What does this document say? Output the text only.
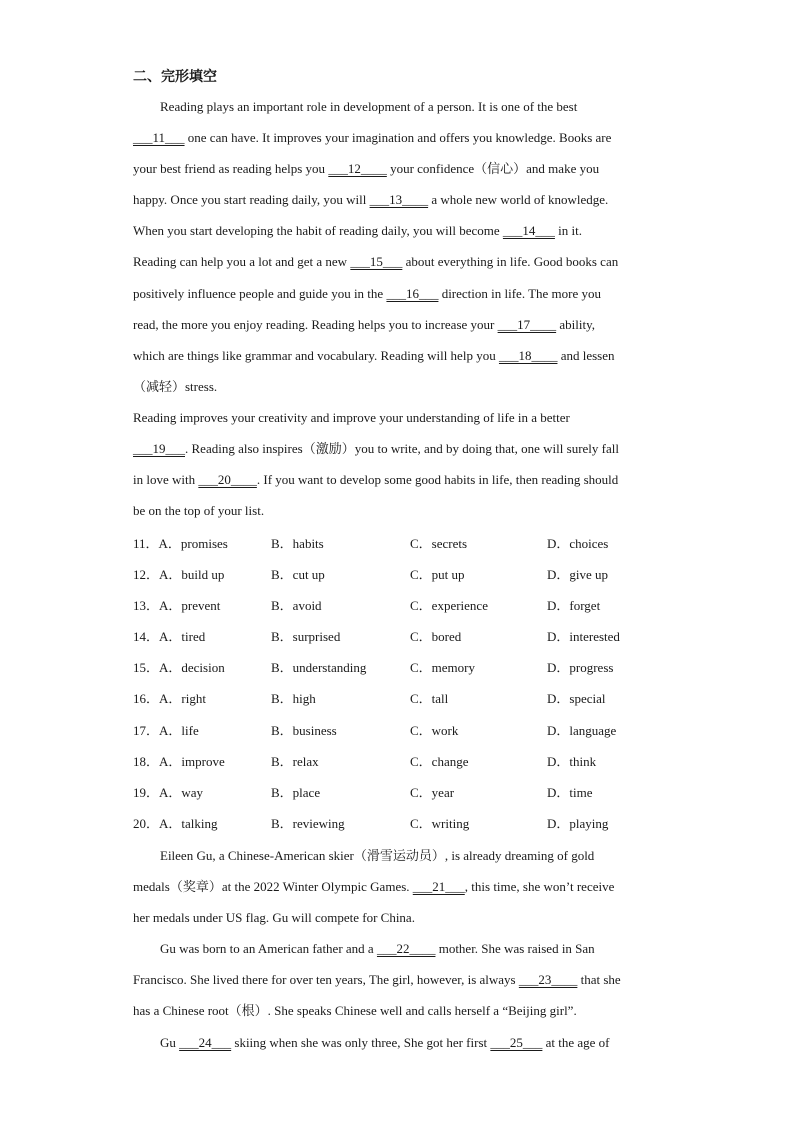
二、完形填空
Reading plays an important role in development of a person. It is one of the best
___11___ one can have. It improves your imagination and offers you knowledge. Books are
your best friend as reading helps you ___12____ your confidence（信心）and make you
happy. Once you start reading daily, you will ___13____ a whole new world of knowledge.
When you start developing the habit of reading daily, you will become ___14___ in it.
Reading can help you a lot and get a new ___15___ about everything in life. Good books can
positively influence people and guide you in the ___16___ direction in life. The more you
read, the more you enjoy reading. Reading helps you to increase your ___17____ ability,
which are things like grammar and vocabulary. Reading will help you ___18____ and lessen
（减轻）stress.
Reading improves your creativity and improve your understanding of life in a better
___19___. Reading also inspires（激励）you to write, and by doing that, one will surely fall
in love with ___20____. If you want to develop some good habits in life, then reading should
be on the top of your list.
11．A．promises	B．habits	C．secrets	D．choices
12．A．build up	B．cut up	C．put up	D．give up
13．A．prevent	B．avoid	C．experience	D．forget
14．A．tired	B．surprised	C．bored	D．interested
15．A．decision	B．understanding	C．memory	D．progress
16．A．right	B．high	C．tall	D．special
17．A．life	B．business	C．work	D．language
18．A．improve	B．relax	C．change	D．think
19．A．way	B．place	C．year	D．time
20．A．talking	B．reviewing	C．writing	D．playing
Eileen Gu, a Chinese-American skier（滑雪运动员）, is already dreaming of gold
medals（奖章）at the 2022 Winter Olympic Games. ___21___, this time, she won’t receive
her medals under US flag. Gu will compete for China.
Gu was born to an American father and a ___22____ mother. She was raised in San
Francisco. She lived there for over ten years, The girl, however, is always ___23____ that she
has a Chinese root（根）. She speaks Chinese well and calls herself a “Beijing girl”.
Gu ___24___ skiing when she was only three, She got her first ___25___ at the age of
